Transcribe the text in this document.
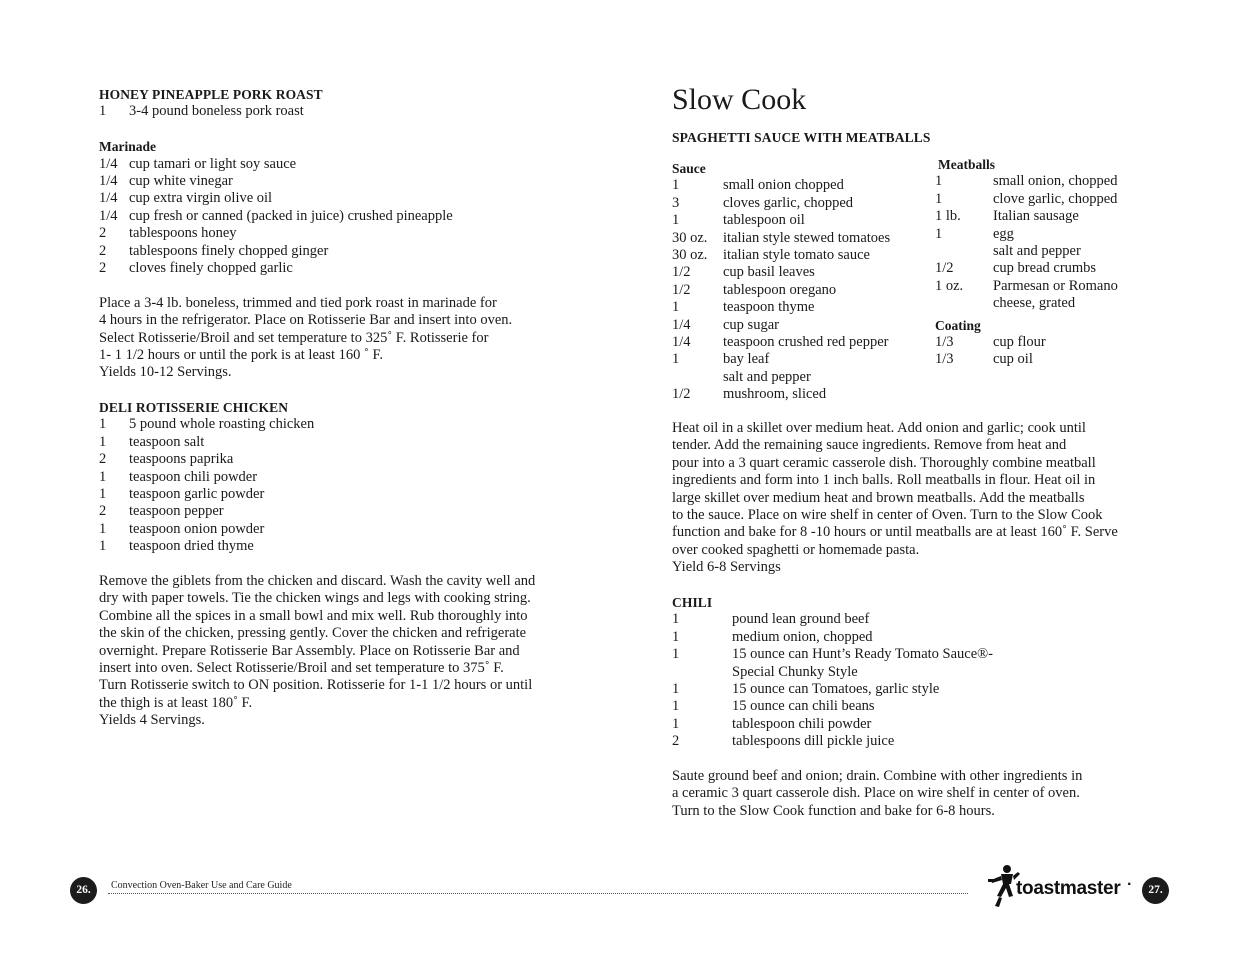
HONEY PINEAPPLE PORK ROAST
1	3-4 pound boneless pork roast
Marinade
1/4 cup tamari or light soy sauce
1/4 cup white vinegar
1/4 cup extra virgin olive oil
1/4 cup fresh or canned (packed in juice) crushed pineapple
2	tablespoons honey
2	tablespoons finely chopped ginger
2	cloves finely chopped garlic

Place a 3-4 lb. boneless, trimmed and tied pork roast in marinade for

4 hours in the refrigerator. Place on Rotisserie Bar and insert into oven.

Select Rotisserie/Broil and set temperature to 325˚ F. Rotisserie for

1- 1 1/2 hours or until the pork is at least 160 ˚ F.

Yields 10-12 Servings.

DELI ROTISSERIE CHICKEN
1	5 pound whole roasting chicken
1	teaspoon salt
2	teaspoons paprika
1	teaspoon chili powder
1	teaspoon garlic powder
2	teaspoon pepper
1	teaspoon onion powder
1	teaspoon dried thyme

Remove the giblets from the chicken and discard. Wash the cavity well and

dry with paper towels. Tie the chicken wings and legs with cooking string.

Combine all the spices in a small bowl and mix well. Rub thoroughly into

the skin of the chicken, pressing gently. Cover the chicken and refrigerate

overnight. Prepare Rotisserie Bar Assembly. Place on Rotisserie Bar and

insert into oven. Select Rotisserie/Broil and set temperature to 375˚ F.

Turn Rotisserie switch to ON position. Rotisserie for 1-1 1/2 hours or until

the thigh is at least 180˚ F.

Yields 4 Servings.

Slow Cook
SPAGHETTI SAUCE WITH MEATBALLS
Sauce
1	small onion chopped
3	cloves garlic, chopped
1	tablespoon oil
30 oz.	italian style stewed tomatoes
30 oz.	italian style tomato sauce
1/2	cup basil leaves
1/2	tablespoon oregano
1	teaspoon thyme
1/4	cup sugar
1/4	teaspoon crushed red pepper
1	bay leaf
salt and pepper
1/2	mushroom, sliced
Meatballs
1	small onion, chopped
1	clove garlic, chopped
1 lb.	Italian sausage
1	egg
salt and pepper
1/2	cup bread crumbs
1 oz.	Parmesan or Romano
cheese, grated
Coating
1/3	cup flour
1/3	cup oil

Heat oil in a skillet over medium heat. Add onion and garlic; cook until

tender. Add the remaining sauce ingredients. Remove from heat and

pour into a 3 quart ceramic casserole dish. Thoroughly combine meatball

ingredients and form into 1 inch balls. Roll meatballs in flour. Heat oil in

large skillet over medium heat and brown meatballs. Add the meatballs

to the sauce. Place on wire shelf in center of Oven. Turn to the Slow Cook

function and bake for 8 -10 hours or until meatballs are at least 160˚ F. Serve

over cooked spaghetti or homemade pasta.

Yield 6-8 Servings

CHILI
1	pound lean ground beef
1	medium onion, chopped
1	15 ounce can Hunt’s Ready Tomato Sauce®-
Special Chunky Style
1	15 ounce can Tomatoes, garlic style
1	15 ounce can chili beans
1	tablespoon chili powder
2	tablespoons dill pickle juice

Saute ground beef and onion; drain. Combine with other ingredients in

a ceramic 3 quart casserole dish. Place on wire shelf in center of oven.

Turn to the Slow Cook function and bake for 6-8 hours.

26.	Convection Oven-Baker Use and Care Guide	toastmaster ·	27.
